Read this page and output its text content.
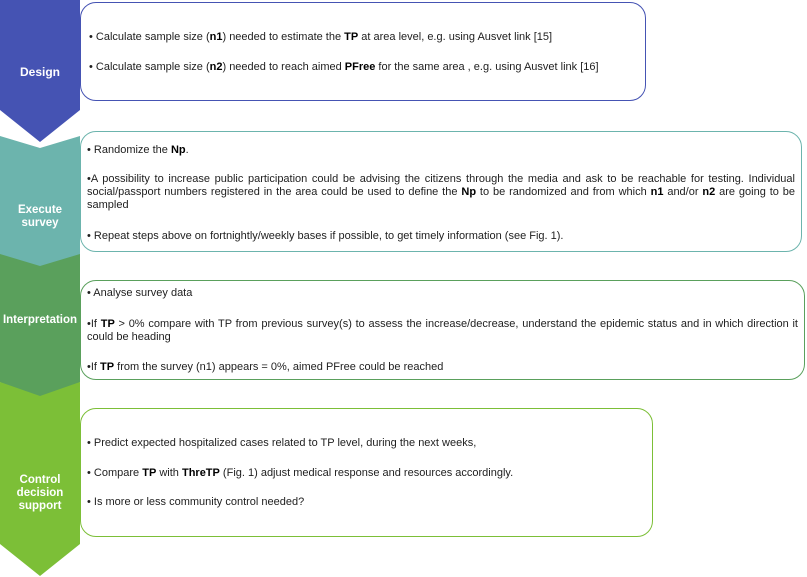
Design
• Calculate sample size (n1) needed to estimate the TP at area level, e.g. using Ausvet link [15]
• Calculate sample size (n2) needed to reach aimed PFree for the same area , e.g. using Ausvet link [16]
Execute survey
• Randomize the Np.
•A possibility to increase public participation could be advising the citizens through the media and ask to be reachable for testing. Individual social/passport numbers registered in the area could be used to define the Np to be randomized and from which n1 and/or n2 are going to be sampled
• Repeat steps above on fortnightly/weekly bases if possible, to get timely information (see Fig. 1).
Interpretation
• Analyse survey data
•If TP > 0% compare with TP from previous survey(s) to assess the increase/decrease, understand the epidemic status and in which direction it could be heading
•If TP from the survey (n1) appears = 0%, aimed PFree could be reached
Control decision support
• Predict expected hospitalized cases related to TP level, during the next weeks,
• Compare TP with ThreTP (Fig. 1) adjust medical response and resources accordingly.
• Is more or less community control needed?
